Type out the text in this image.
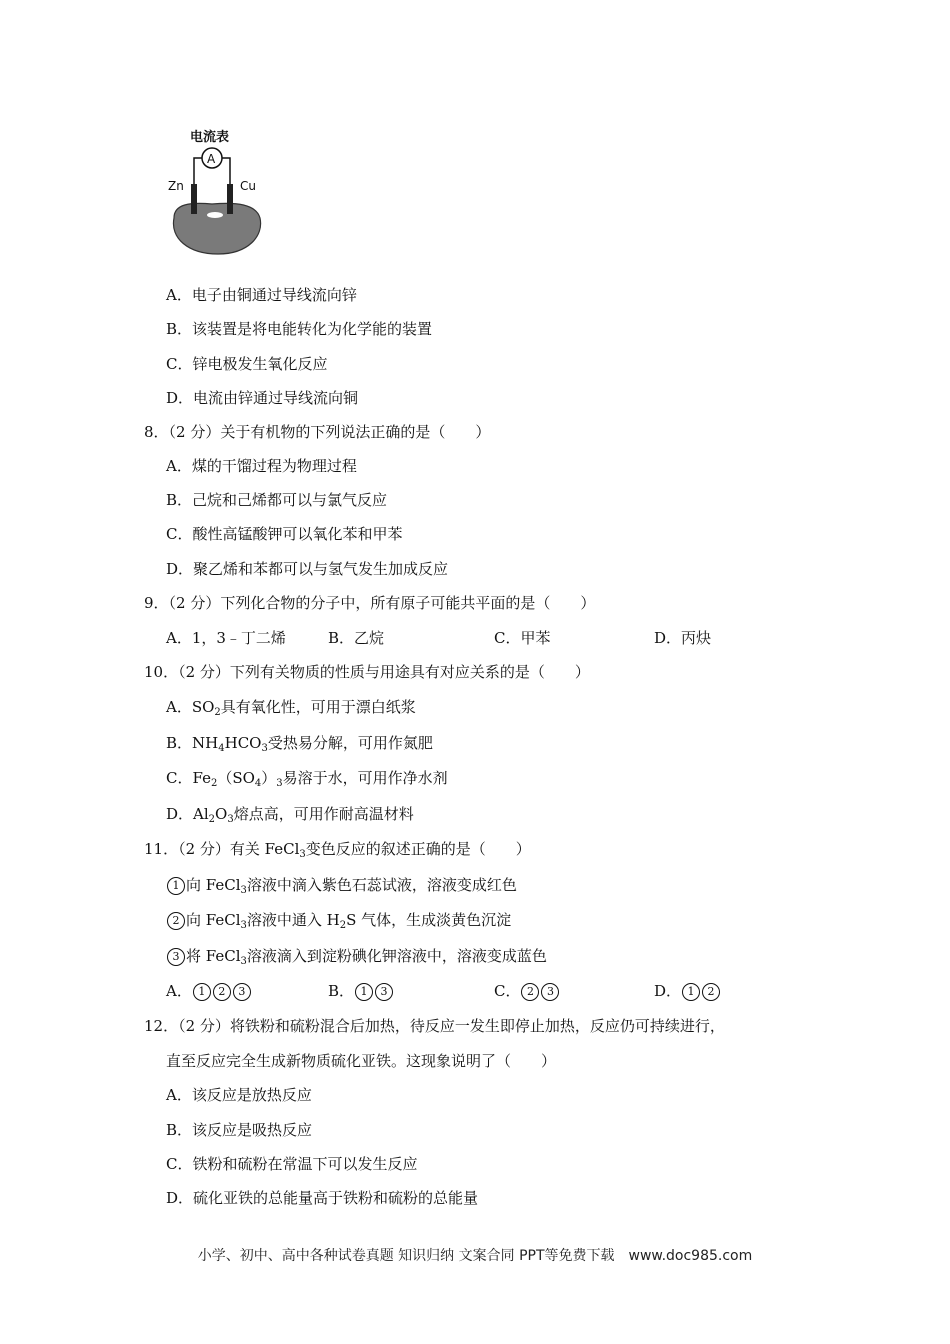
电流表
A
Zn	Cu
A．电子由铜通过导线流向锌
B．该装置是将电能转化为化学能的装置
C．锌电极发生氧化反应
D．电流由锌通过导线流向铜
8．（2 分）关于有机物的下列说法正确的是（　　）
A．煤的干馏过程为物理过程
B．己烷和己烯都可以与氯气反应
C．酸性高锰酸钾可以氧化苯和甲苯
D．聚乙烯和苯都可以与氢气发生加成反应
9．（2 分）下列化合物的分子中，所有原子可能共平面的是（　　）
A．1，3﹣丁二烯	B．乙烷	C．甲苯	D．丙炔
10．（2 分）下列有关物质的性质与用途具有对应关系的是（　　）
A．$SO_2$具有氧化性，可用于漂白纸浆
B．$NH_4HCO_3$受热易分解，可用作氮肥
C．$Fe_2(SO_4)_3$易溶于水，可用作净水剂
D．$Al_2O_3$熔点高，可用作耐高温材料
11．（2 分）有关 FeCl$_3$变色反应的叙述正确的是（　　）
1 向 FeCl$_3$溶液中滴入紫色石蕊试液，溶液变成红色
2 向 FeCl$_3$溶液中通入 $H_2S$ 气体，生成淡黄色沉淀
3 将 FeCl$_3$溶液滴入到淀粉碘化钾溶液中，溶液变成蓝色
A． 1 2 3	B． 1 3	C． 2 3	D． 1 2
12．（2 分）将铁粉和硫粉混合后加热，待反应一发生即停止加热，反应仍可持续进行，
直至反应完全生成新物质硫化亚铁。这现象说明了（　　）
A．该反应是放热反应
B．该反应是吸热反应
C．铁粉和硫粉在常温下可以发生反应
D．硫化亚铁的总能量高于铁粉和硫粉的总能量
小学、初中、高中各种试卷真题 知识归纳 文案合同 PPT等免费下载　www.doc985.com
